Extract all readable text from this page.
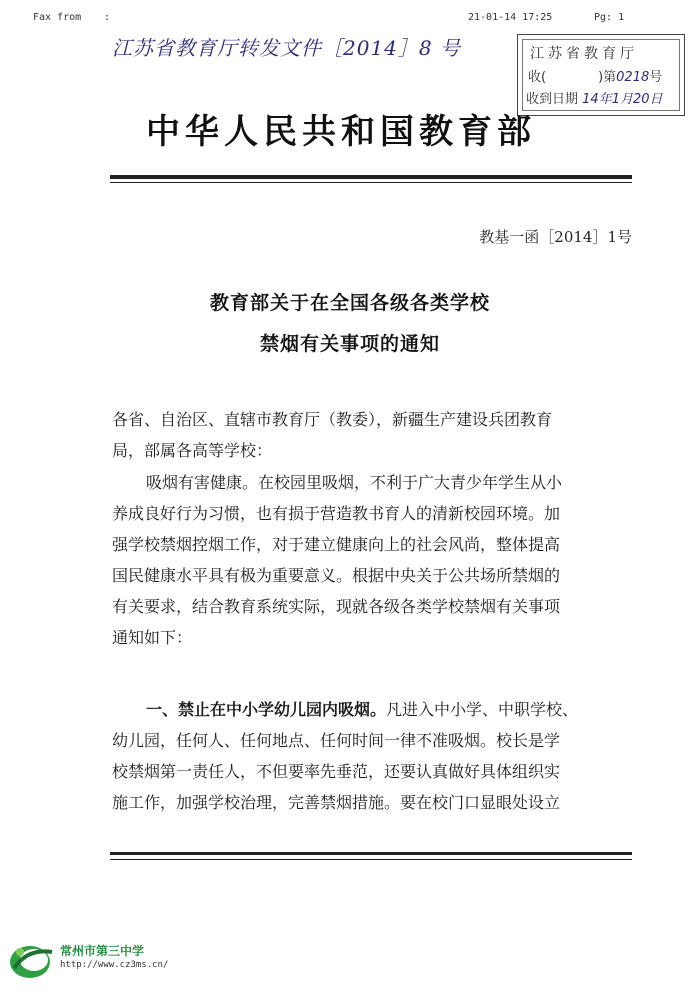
Fax from :	21-01-14 17:25	Pg: 1
江苏省教育厅转发文件［2014］8 号	江苏省教育厅
收(	)第0218号
收到日期 14年1月20日
中华人民共和国教育部
教基一函［2014］1号
教育部关于在全国各级各类学校
禁烟有关事项的通知
各省、自治区、直辖市教育厅（教委），新疆生产建设兵团教育
局，部属各高等学校：
吸烟有害健康。在校园里吸烟，不利于广大青少年学生从小
养成良好行为习惯，也有损于营造教书育人的清新校园环境。加
强学校禁烟控烟工作，对于建立健康向上的社会风尚，整体提高
国民健康水平具有极为重要意义。根据中央关于公共场所禁烟的
有关要求，结合教育系统实际，现就各级各类学校禁烟有关事项
通知如下：
一、禁止在中小学幼儿园内吸烟。凡进入中小学、中职学校、
幼儿园，任何人、任何地点、任何时间一律不准吸烟。校长是学
校禁烟第一责任人，不但要率先垂范，还要认真做好具体组织实
施工作，加强学校治理，完善禁烟措施。要在校门口显眼处设立
常州市第三中学
http://www.cz3ms.cn/
